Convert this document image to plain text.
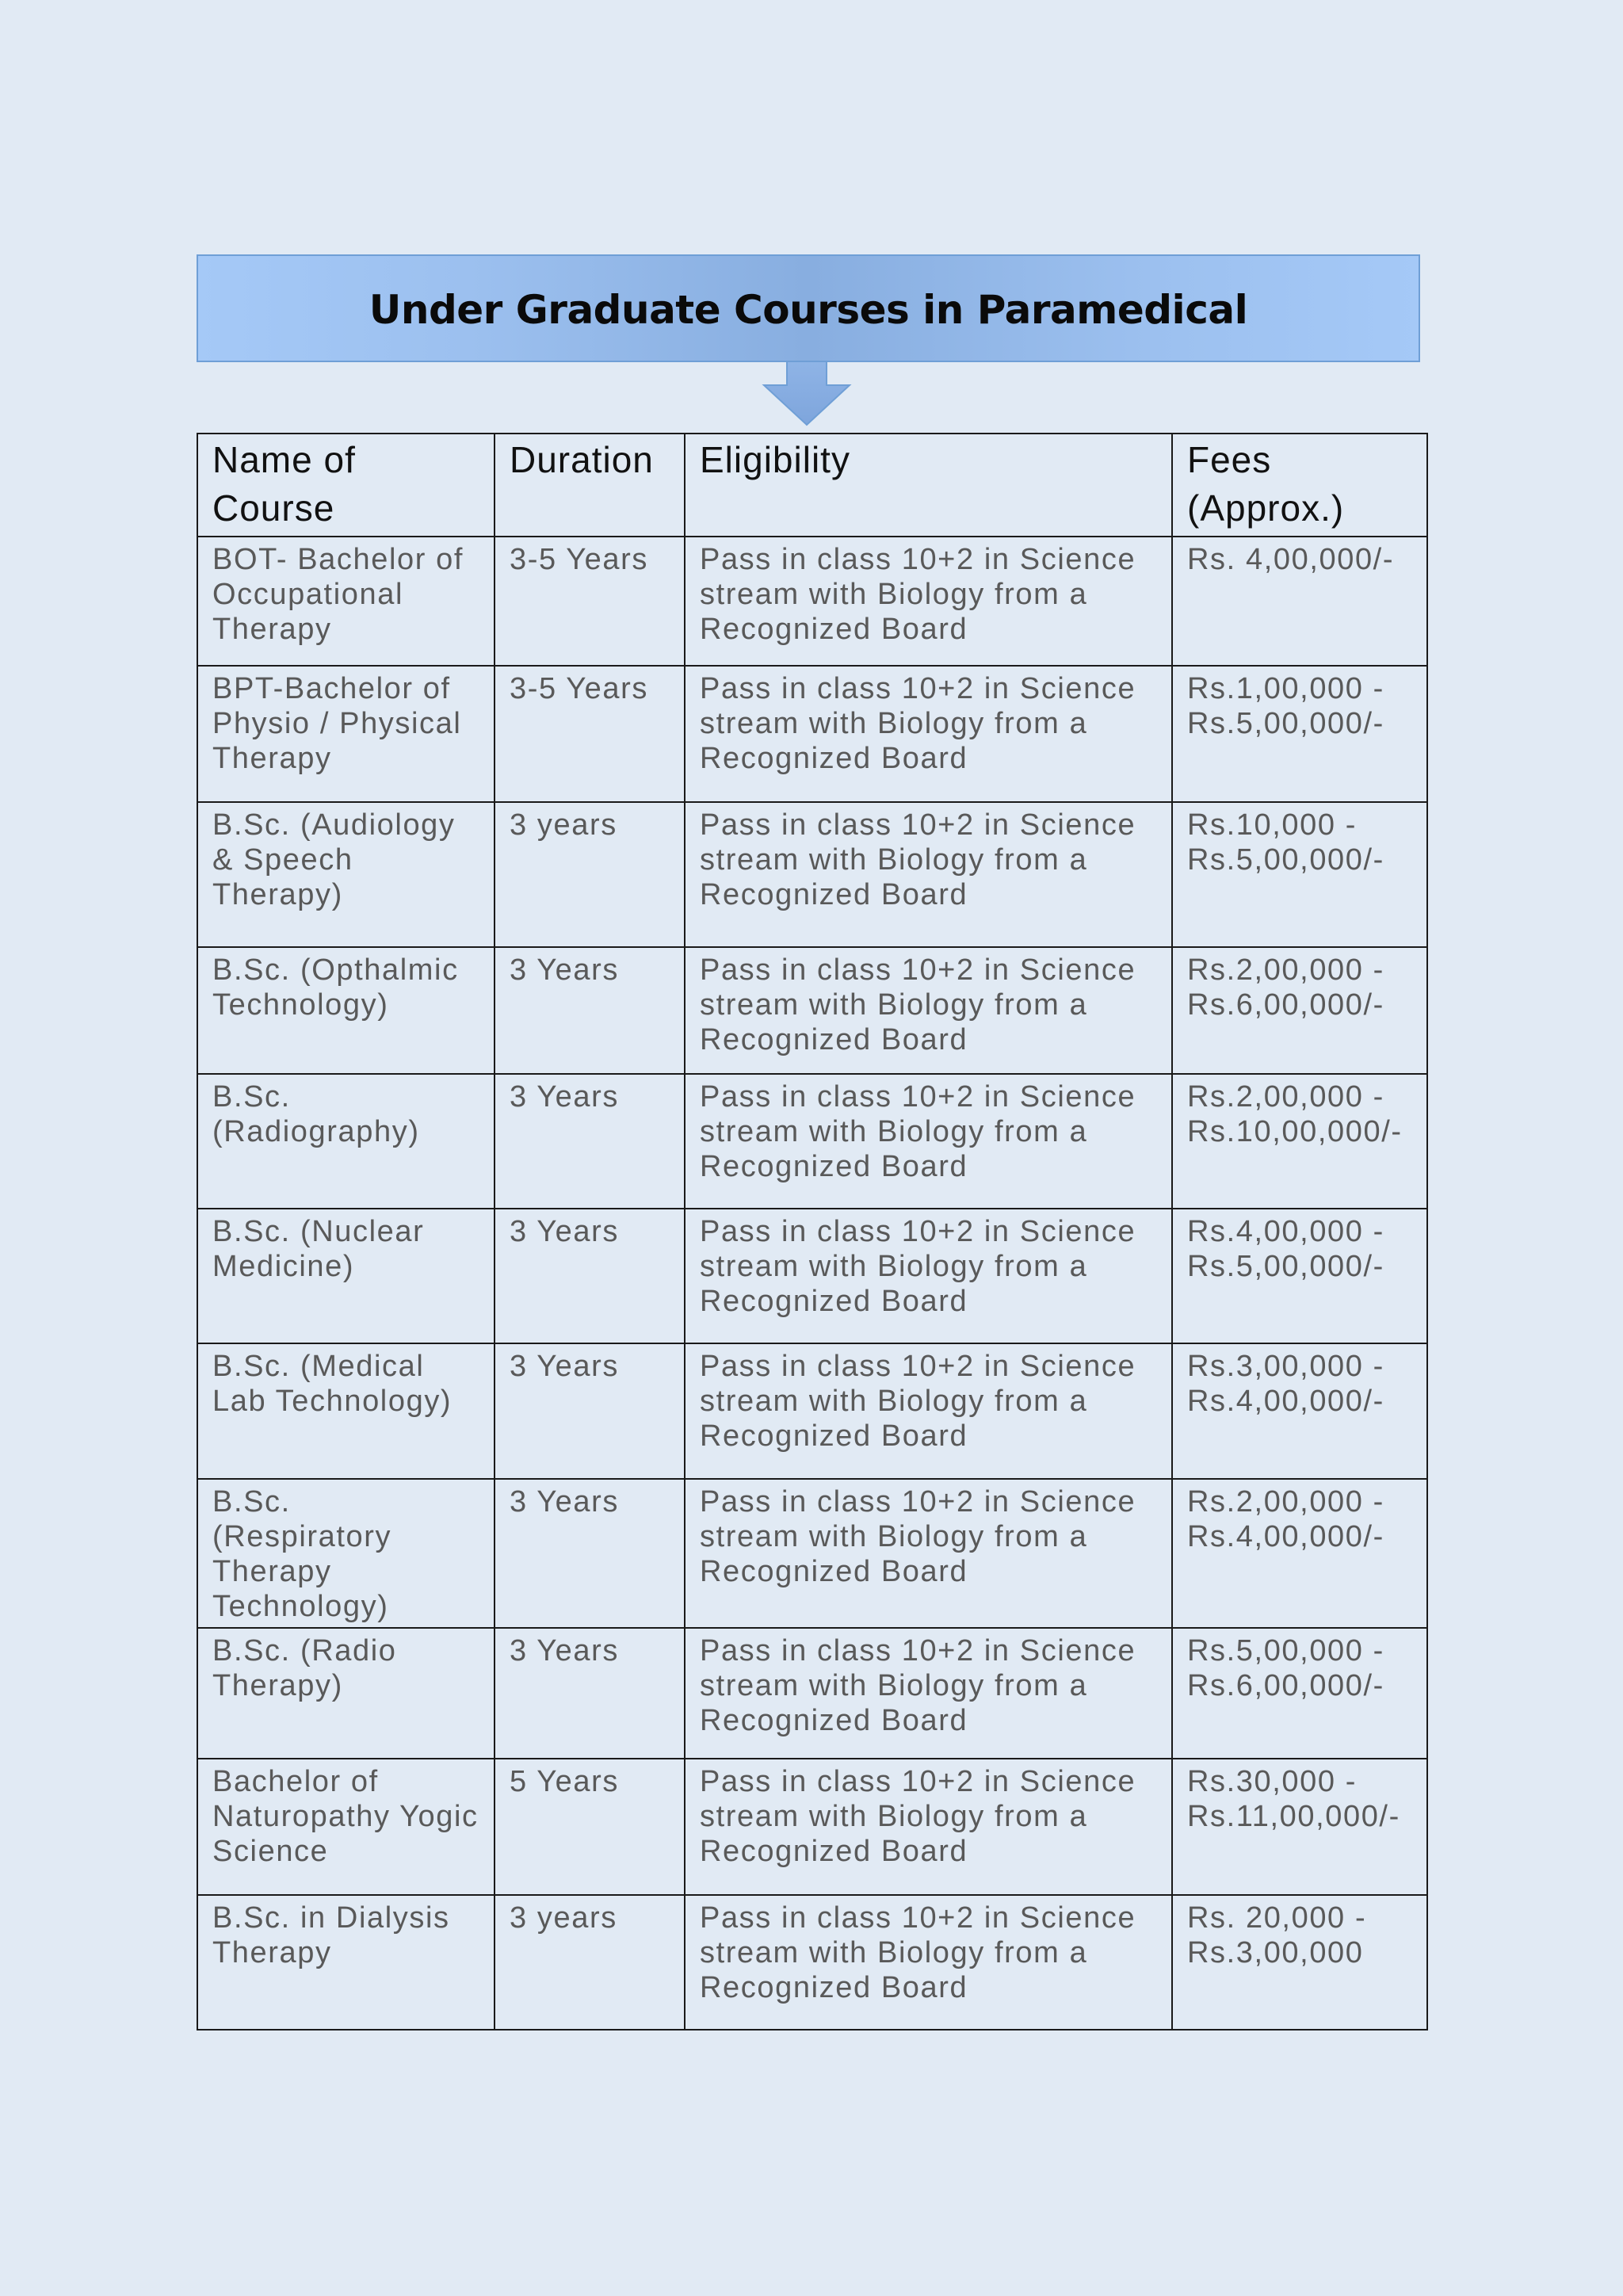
Under Graduate Courses in Paramedical
Name of Course	Duration	Eligibility	Fees (Approx.)
BOT- Bachelor of Occupational Therapy	3-5 Years	Pass in class 10+2 in Science stream with Biology from a Recognized Board	Rs. 4,00,000/-
BPT-Bachelor of Physio / Physical Therapy	3-5 Years	Pass in class 10+2 in Science stream with Biology from a Recognized Board	Rs.1,00,000 - Rs.5,00,000/-
B.Sc. (Audiology & Speech Therapy)	3 years	Pass in class 10+2 in Science stream with Biology from a Recognized Board	Rs.10,000 - Rs.5,00,000/-
B.Sc. (Opthalmic Technology)	3 Years	Pass in class 10+2 in Science stream with Biology from a Recognized Board	Rs.2,00,000 - Rs.6,00,000/-
B.Sc. (Radiography)	3 Years	Pass in class 10+2 in Science stream with Biology from a Recognized Board	Rs.2,00,000 - Rs.10,00,000/-
B.Sc. (Nuclear Medicine)	3 Years	Pass in class 10+2 in Science stream with Biology from a Recognized Board	Rs.4,00,000 - Rs.5,00,000/-
B.Sc. (Medical Lab Technology)	3 Years	Pass in class 10+2 in Science stream with Biology from a Recognized Board	Rs.3,00,000 - Rs.4,00,000/-
B.Sc. (Respiratory Therapy Technology)	3 Years	Pass in class 10+2 in Science stream with Biology from a Recognized Board	Rs.2,00,000 - Rs.4,00,000/-
B.Sc. (Radio Therapy)	3 Years	Pass in class 10+2 in Science stream with Biology from a Recognized Board	Rs.5,00,000 - Rs.6,00,000/-
Bachelor of Naturopathy Yogic Science	5 Years	Pass in class 10+2 in Science stream with Biology from a Recognized Board	Rs.30,000 - Rs.11,00,000/-
B.Sc. in Dialysis Therapy	3 years	Pass in class 10+2 in Science stream with Biology from a Recognized Board	Rs. 20,000 - Rs.3,00,000
